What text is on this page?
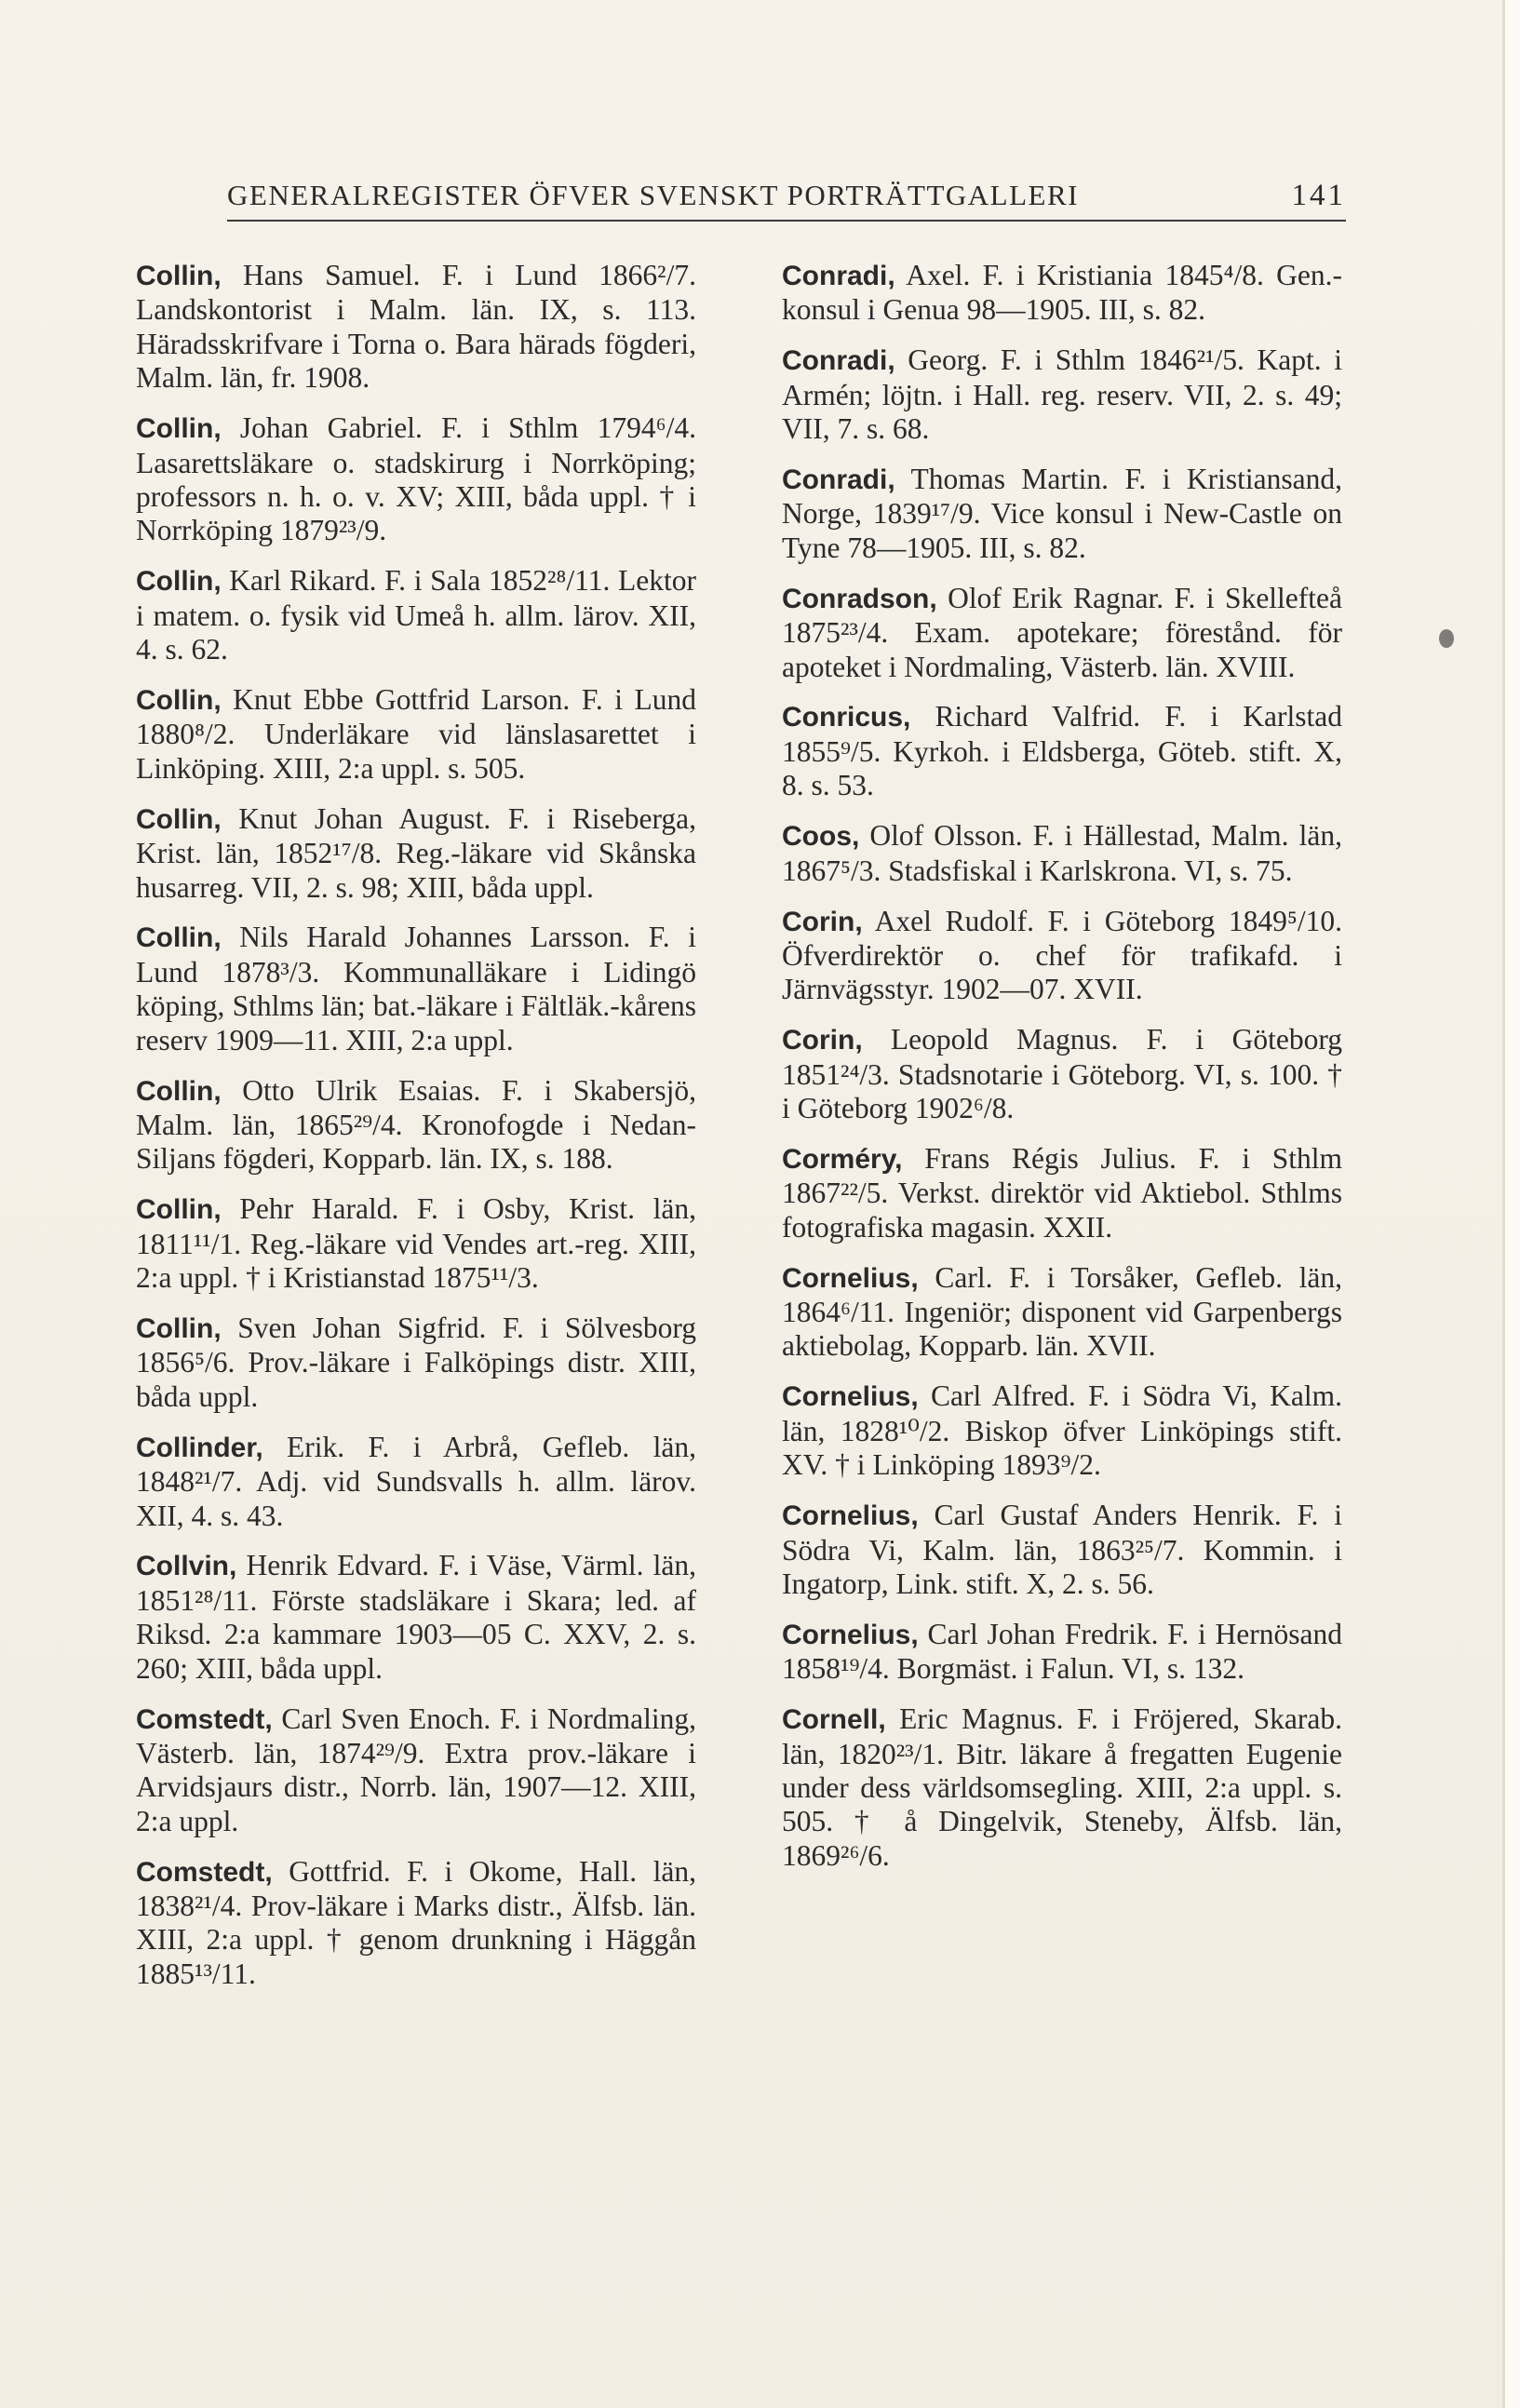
GENERALREGISTER ÖFVER SVENSKT PORTRÄTTGALLERI	141

Collin, Hans Samuel. F. i Lund 1866²/7. Landskontorist i Malm. län. IX, s. 113. Häradsskrifvare i Torna o. Bara härads fögderi, Malm. län, fr. 1908.

Collin, Johan Gabriel. F. i Sthlm 1794⁶/4. Lasarettsläkare o. stadskirurg i Norrköping; professors n. h. o. v. XV; XIII, båda uppl. † i Norrköping 1879²³/9.

Collin, Karl Rikard. F. i Sala 1852²⁸/11. Lektor i matem. o. fysik vid Umeå h. allm. lärov. XII, 4. s. 62.

Collin, Knut Ebbe Gottfrid Larson. F. i Lund 1880⁸/2. Underläkare vid länslasarettet i Linköping. XIII, 2:a uppl. s. 505.

Collin, Knut Johan August. F. i Riseberga, Krist. län, 1852¹⁷/8. Reg.-läkare vid Skånska husarreg. VII, 2. s. 98; XIII, båda uppl.

Collin, Nils Harald Johannes Larsson. F. i Lund 1878³/3. Kommunalläkare i Lidingö köping, Sthlms län; bat.-läkare i Fältläk.-kårens reserv 1909—11. XIII, 2:a uppl.

Collin, Otto Ulrik Esaias. F. i Skabersjö, Malm. län, 1865²⁹/4. Kronofogde i Nedan-Siljans fögderi, Kopparb. län. IX, s. 188.

Collin, Pehr Harald. F. i Osby, Krist. län, 1811¹¹/1. Reg.-läkare vid Vendes art.-reg. XIII, 2:a uppl. † i Kristianstad 1875¹¹/3.

Collin, Sven Johan Sigfrid. F. i Sölvesborg 1856⁵/6. Prov.-läkare i Falköpings distr. XIII, båda uppl.

Collinder, Erik. F. i Arbrå, Gefleb. län, 1848²¹/7. Adj. vid Sundsvalls h. allm. lärov. XII, 4. s. 43.

Collvin, Henrik Edvard. F. i Väse, Värml. län, 1851²⁸/11. Förste stadsläkare i Skara; led. af Riksd. 2:a kammare 1903—05 C. XXV, 2. s. 260; XIII, båda uppl.

Comstedt, Carl Sven Enoch. F. i Nordmaling, Västerb. län, 1874²⁹/9. Extra prov.-läkare i Arvidsjaurs distr., Norrb. län, 1907—12. XIII, 2:a uppl.

Comstedt, Gottfrid. F. i Okome, Hall. län, 1838²¹/4. Prov-läkare i Marks distr., Älfsb. län. XIII, 2:a uppl. † genom drunkning i Häggån 1885¹³/11.

Conradi, Axel. F. i Kristiania 1845⁴/8. Gen.-konsul i Genua 98—1905. III, s. 82.

Conradi, Georg. F. i Sthlm 1846²¹/5. Kapt. i Armén; löjtn. i Hall. reg. reserv. VII, 2. s. 49; VII, 7. s. 68.

Conradi, Thomas Martin. F. i Kristiansand, Norge, 1839¹⁷/9. Vice konsul i New-Castle on Tyne 78—1905. III, s. 82.

Conradson, Olof Erik Ragnar. F. i Skellefteå 1875²³/4. Exam. apotekare; förestånd. för apoteket i Nordmaling, Västerb. län. XVIII.

Conricus, Richard Valfrid. F. i Karlstad 1855⁹/5. Kyrkoh. i Eldsberga, Göteb. stift. X, 8. s. 53.

Coos, Olof Olsson. F. i Hällestad, Malm. län, 1867⁵/3. Stadsfiskal i Karlskrona. VI, s. 75.

Corin, Axel Rudolf. F. i Göteborg 1849⁵/10. Öfverdirektör o. chef för trafikafd. i Järnvägsstyr. 1902—07. XVII.

Corin, Leopold Magnus. F. i Göteborg 1851²⁴/3. Stadsnotarie i Göteborg. VI, s. 100. † i Göteborg 1902⁶/8.

Corméry, Frans Régis Julius. F. i Sthlm 1867²²/5. Verkst. direktör vid Aktiebol. Sthlms fotografiska magasin. XXII.

Cornelius, Carl. F. i Torsåker, Gefleb. län, 1864⁶/11. Ingeniör; disponent vid Garpenbergs aktiebolag, Kopparb. län. XVII.

Cornelius, Carl Alfred. F. i Södra Vi, Kalm. län, 1828¹⁰/2. Biskop öfver Linköpings stift. XV. † i Linköping 1893⁹/2.

Cornelius, Carl Gustaf Anders Henrik. F. i Södra Vi, Kalm. län, 1863²⁵/7. Kommin. i Ingatorp, Link. stift. X, 2. s. 56.

Cornelius, Carl Johan Fredrik. F. i Hernösand 1858¹⁹/4. Borgmäst. i Falun. VI, s. 132.

Cornell, Eric Magnus. F. i Fröjered, Skarab. län, 1820²³/1. Bitr. läkare å fregatten Eugenie under dess världsomsegling. XIII, 2:a uppl. s. 505. † å Dingelvik, Steneby, Älfsb. län, 1869²⁶/6.
